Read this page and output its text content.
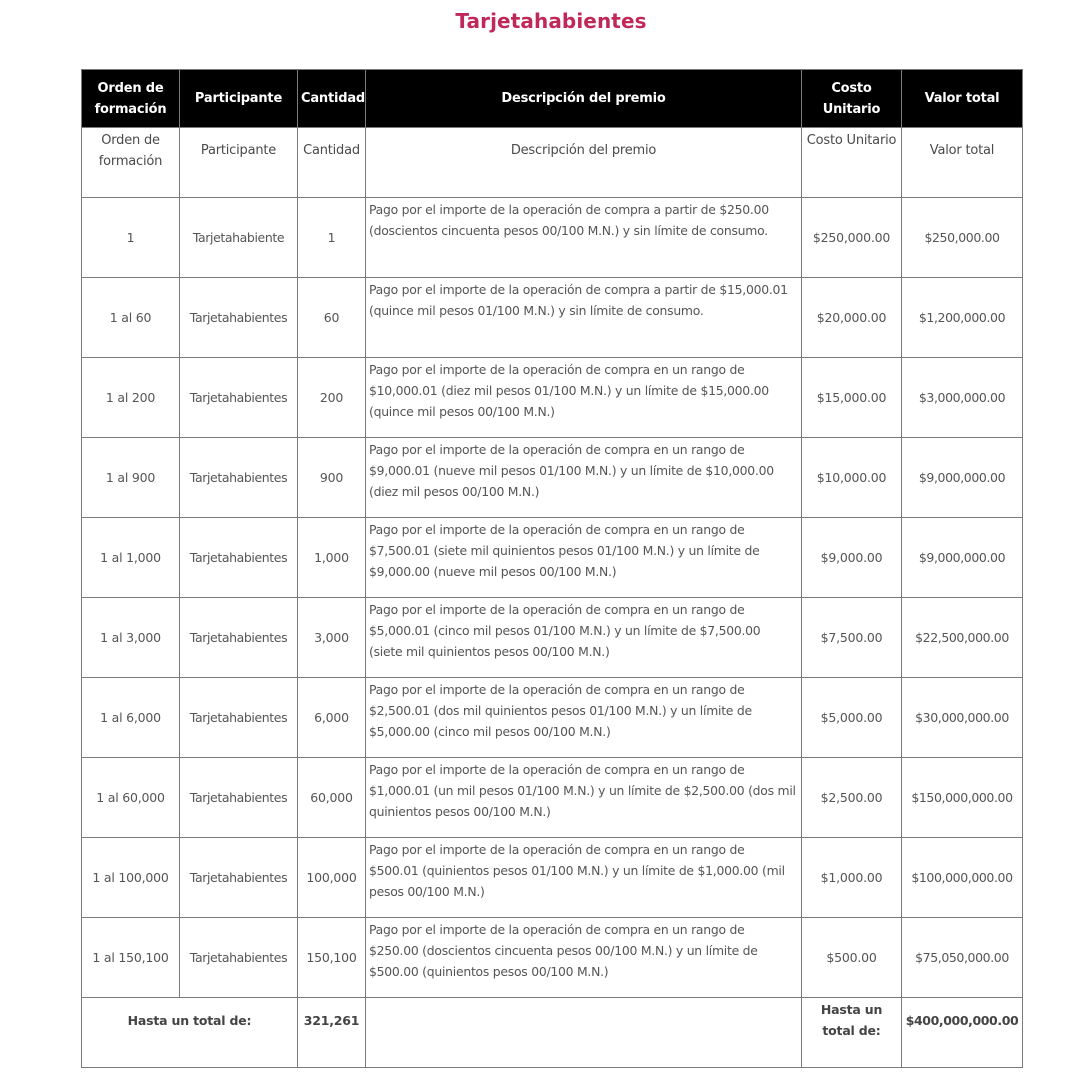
Tarjetahabientes
Orden de formación	Participante	Cantidad	Descripción del premio	Costo Unitario	Valor total
Orden de formación	Participante	Cantidad	Descripción del premio	Costo Unitario	Valor total
1	Tarjetahabiente	1	Pago por el importe de la operación de compra a partir de $250.00 (doscientos cincuenta pesos 00/100 M.N.) y sin límite de consumo.	$250,000.00	$250,000.00
1 al 60	Tarjetahabientes	60	Pago por el importe de la operación de compra a partir de $15,000.01 (quince mil pesos 01/100 M.N.) y sin límite de consumo.	$20,000.00	$1,200,000.00
1 al 200	Tarjetahabientes	200	Pago por el importe de la operación de compra en un rango de $10,000.01 (diez mil pesos 01/100 M.N.) y un límite de $15,000.00 (quince mil pesos 00/100 M.N.)	$15,000.00	$3,000,000.00
1 al 900	Tarjetahabientes	900	Pago por el importe de la operación de compra en un rango de $9,000.01 (nueve mil pesos 01/100 M.N.) y un límite de $10,000.00 (diez mil pesos 00/100 M.N.)	$10,000.00	$9,000,000.00
1 al 1,000	Tarjetahabientes	1,000	Pago por el importe de la operación de compra en un rango de $7,500.01 (siete mil quinientos pesos 01/100 M.N.) y un límite de $9,000.00 (nueve mil pesos 00/100 M.N.)	$9,000.00	$9,000,000.00
1 al 3,000	Tarjetahabientes	3,000	Pago por el importe de la operación de compra en un rango de $5,000.01 (cinco mil pesos 01/100 M.N.) y un límite de $7,500.00 (siete mil quinientos pesos 00/100 M.N.)	$7,500.00	$22,500,000.00
1 al 6,000	Tarjetahabientes	6,000	Pago por el importe de la operación de compra en un rango de $2,500.01 (dos mil quinientos pesos 01/100 M.N.) y un límite de $5,000.00 (cinco mil pesos 00/100 M.N.)	$5,000.00	$30,000,000.00
1 al 60,000	Tarjetahabientes	60,000	Pago por el importe de la operación de compra en un rango de $1,000.01 (un mil pesos 01/100 M.N.) y un límite de $2,500.00 (dos mil quinientos pesos 00/100 M.N.)	$2,500.00	$150,000,000.00
1 al 100,000	Tarjetahabientes	100,000	Pago por el importe de la operación de compra en un rango de $500.01 (quinientos pesos 01/100 M.N.) y un límite de $1,000.00 (mil pesos 00/100 M.N.)	$1,000.00	$100,000,000.00
1 al 150,100	Tarjetahabientes	150,100	Pago por el importe de la operación de compra en un rango de $250.00 (doscientos cincuenta pesos 00/100 M.N.) y un límite de $500.00 (quinientos pesos 00/100 M.N.)	$500.00	$75,050,000.00
Hasta un total de:		321,261		Hasta un total de:	$400,000,000.00
